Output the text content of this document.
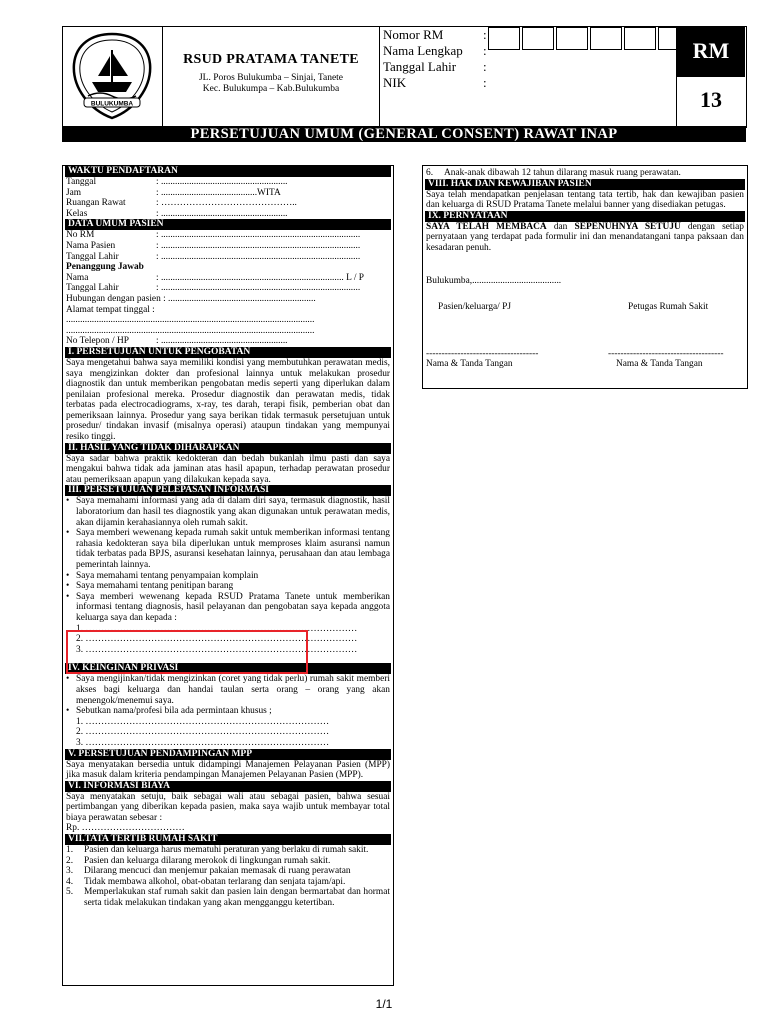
BULUKUMBA
RSUD PRATAMA TANETE
JL. Poros Bulukumba – Sinjai, Tanete
Kec. Bulukumpa – Kab.Bulukumba
Nomor RM	:
Nama Lengkap :
Tanggal Lahir :
NIK	:
RM
13
PERSETUJUAN UMUM (GENERAL CONSENT) RAWAT INAP
WAKTU PENDAFTARAN
Tanggal	: ......................................................
Jam	: .........................................WITA
Ruangan Rawat	: ……………………………………..
Kelas	: ......................................................
DATA UMUM PASIEN
No RM	: .....................................................................................
Nama Pasien	: .....................................................................................
Tanggal Lahir	: .....................................................................................
Penanggung Jawab
Nama	: .............................................................................. L / P
Tanggal Lahir	: .....................................................................................
Hubungan dengan pasien : ...............................................................
Alamat tempat tinggal :
..........................................................................................................
..........................................................................................................
No Telepon / HP	: ......................................................
I. PERSETUJUAN UNTUK PENGOBATAN
Saya mengetahui bahwa saya memiliki kondisi yang membutuhkan perawatan medis, saya mengizinkan dokter dan profesional lainnya untuk melakukan prosedur diagnostik dan untuk memberikan pengobatan medis seperti yang diperlukan dalam penilaian profesional mereka. Prosedur diagnostik dan perawatan medis, tidak terbatas pada electrocadiograms, x-ray, tes darah, terapi fisik, pemberian obat dan pemeriksaan lainnya. Prosedur yang saya berikan tidak termasuk persetujuan untuk prosedur/ tindakan invasif (misalnya operasi) ataupun tindakan yang mempunyai resiko tinggi.
II. HASIL YANG TIDAK DIHARAPKAN
Saya sadar bahwa praktik kedokteran dan bedah bukanlah ilmu pasti dan saya mengakui bahwa tidak ada jaminan atas hasil apapun, terhadap perawatan prosedur atau pemeriksaan apapun yang dilakukan kepada saya.
III. PERSETUJUAN PELEPASAN INFORMASI
• Saya memahami informasi yang ada di dalam diri saya, termasuk diagnostik, hasil laboratorium dan hasil tes diagnostik yang akan digunakan untuk perawatan medis, akan dijamin kerahasiannya oleh rumah sakit.
• Saya memberi wewenang kepada rumah sakit untuk memberikan informasi tentang rahasia kedokteran saya bila diperlukan untuk memproses klaim asuransi namun tidak terbatas pada BPJS, asuransi kesehatan lainnya, perusahaan dan atau lembaga pemerintah lainnya.
• Saya memahami tentang penyampaian komplain
• Saya memahami tentang penitipan barang
• Saya memberi wewenang kepada RSUD Pratama Tanete untuk memberikan informasi tentang diagnosis, hasil pelayanan dan pengobatan saya kepada anggota keluarga saya dan kepada :
1. ……………………………………………………………………………
2. ……………………………………………………………………………
3. ……………………………………………………………………………
IV. KEINGINAN PRIVASI
• Saya mengijinkan/tidak mengizinkan (coret yang tidak perlu) rumah sakit memberi akses bagi keluarga dan handai taulan serta orang – orang yang akan menengok/menemui saya.
• Sebutkan nama/profesi bila ada permintaan khusus ;
1. ……………………………………………………………………
2. ……………………………………………………………………
3. ……………………………………………………………………
V. PERSETUJUAN PENDAMPINGAN MPP
Saya menyatakan bersedia untuk didampingi Manajemen Pelayanan Pasien (MPP) jika masuk dalam kriteria pendampingan Manajemen Pelayanan Pasien (MPP).
VI. INFORMASI BIAYA
Saya menyatakan setuju, baik sebagai wali atau sebagai pasien, bahwa sesuai pertimbangan yang diberikan kepada pasien, maka saya wajib untuk membayar total biaya perawatan sebesar :
Rp. ……………………………
VII.TATA TERTIB RUMAH SAKIT
1.	Pasien dan keluarga harus mematuhi peraturan yang berlaku di rumah sakit.
2.	Pasien dan keluarga dilarang merokok di lingkungan rumah sakit.
3.	Dilarang mencuci dan menjemur pakaian memasak di ruang perawatan
4.	Tidak membawa alkohol, obat-obatan terlarang dan senjata tajam/api.
5.	Memperlakukan staf rumah sakit dan pasien lain dengan bermartabat dan hormat serta tidak melakukan tindakan yang akan mengganggu ketertiban.
6.	Anak-anak dibawah 12 tahun dilarang masuk ruang perawatan.
VIII. HAK DAN KEWAJIBAN PASIEN
Saya telah mendapatkan penjelasan tentang tata tertib, hak dan kewajiban pasien dan keluarga di RSUD Pratama Tanete melalui banner yang disediakan petugas.
IX. PERNYATAAN
SAYA TELAH MEMBACA dan SEPENUHNYA SETUJU dengan setiap pernyataan yang terdapat pada formulir ini dan menandatangani tanpa paksaan dan kesadaran penuh.
Bulukumba,......................................
Pasien/keluarga/ PJ	Petugas Rumah Sakit
------------------------------------	-------------------------------------
Nama & Tanda Tangan	Nama & Tanda Tangan
1/1
